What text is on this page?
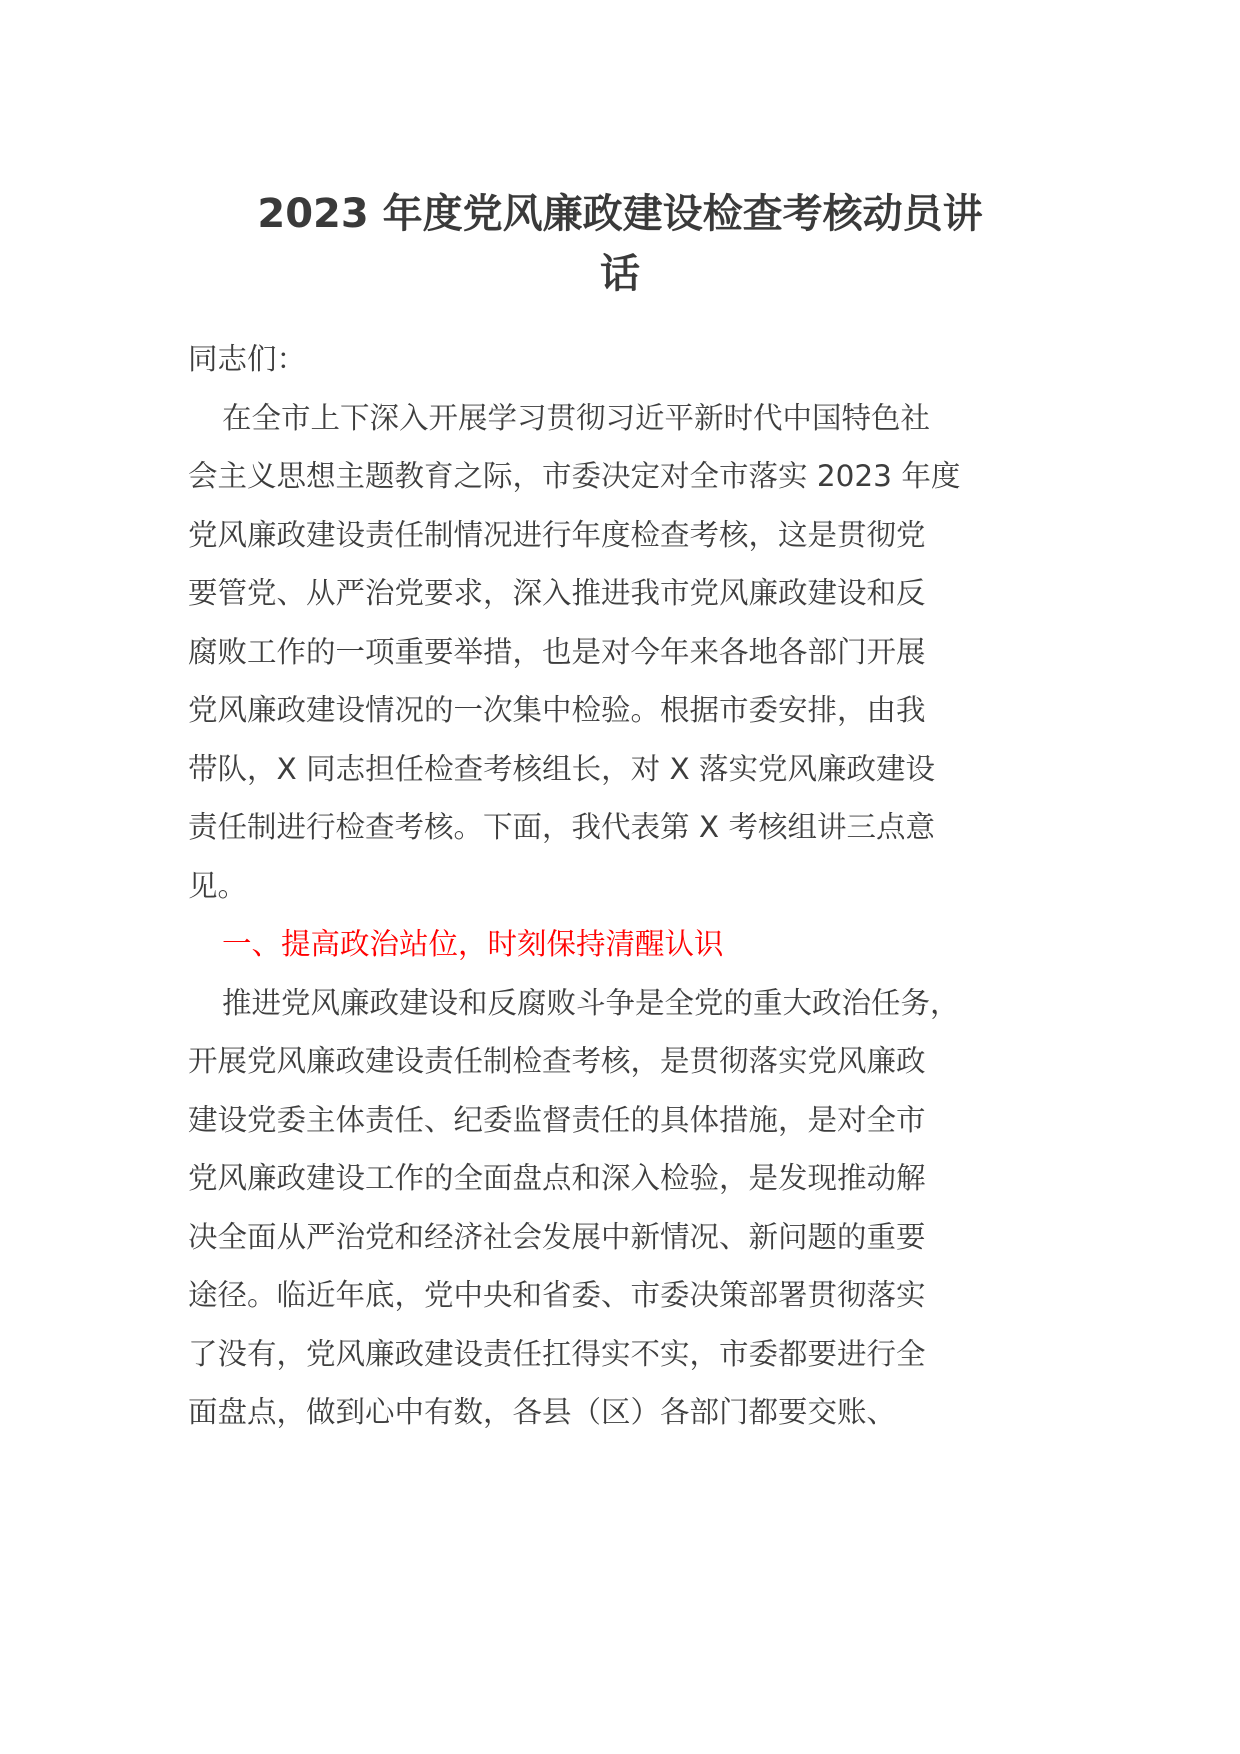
2023 年度党风廉政建设检查考核动员讲
话
同志们：
在全市上下深入开展学习贯彻习近平新时代中国特色社
会主义思想主题教育之际，市委决定对全市落实 2023 年度
党风廉政建设责任制情况进行年度检查考核，这是贯彻党
要管党、从严治党要求，深入推进我市党风廉政建设和反
腐败工作的一项重要举措，也是对今年来各地各部门开展
党风廉政建设情况的一次集中检验。根据市委安排，由我
带队，X 同志担任检查考核组长，对 X 落实党风廉政建设
责任制进行检查考核。下面，我代表第 X 考核组讲三点意
见。
一、提高政治站位，时刻保持清醒认识
推进党风廉政建设和反腐败斗争是全党的重大政治任务，
开展党风廉政建设责任制检查考核，是贯彻落实党风廉政
建设党委主体责任、纪委监督责任的具体措施，是对全市
党风廉政建设工作的全面盘点和深入检验，是发现推动解
决全面从严治党和经济社会发展中新情况、新问题的重要
途径。临近年底，党中央和省委、市委决策部署贯彻落实
了没有，党风廉政建设责任扛得实不实，市委都要进行全
面盘点，做到心中有数，各县（区）各部门都要交账、
